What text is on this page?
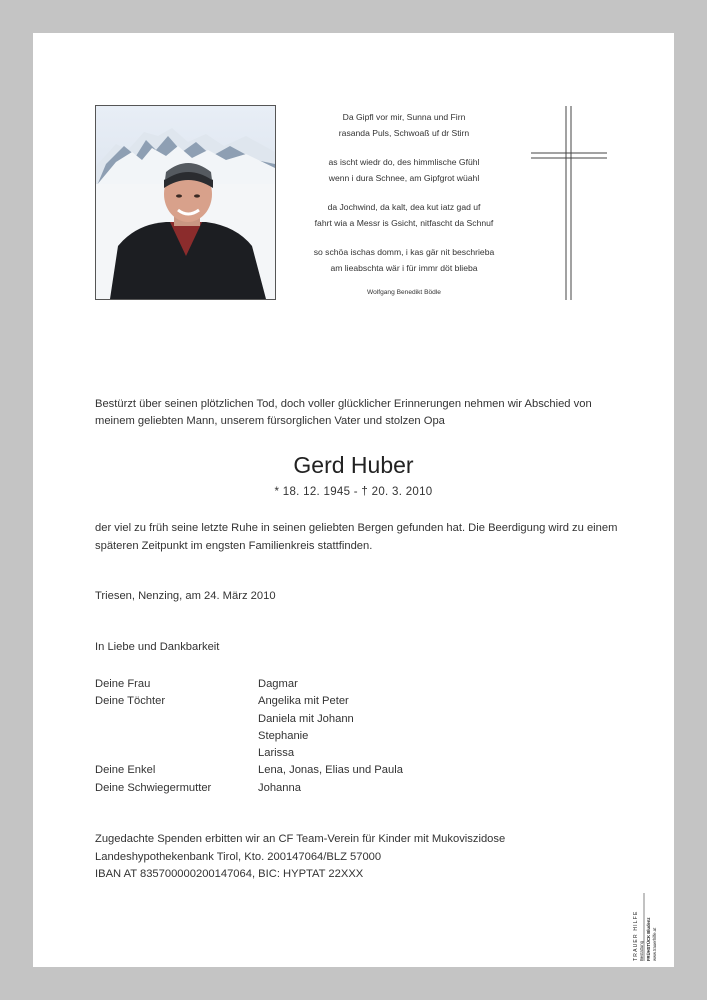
Da Gipfl vor mir, Sunna und Firn
rasanda Puls, Schwoaß uf dr Stirn
as ischt wiedr do, des himmlische Gfühl
wenn i dura Schnee, am Gipfgrot wüahl
da Jochwind, da kalt, dea kut iatz gad uf
fahrt wia a Messr is Gsicht, nitfascht da Schnuf
so schöa ischas domm, i kas gär nit beschrieba
am lieabschta wär i für immr döt blieba
Wolfgang Benedikt Bödle
Bestürzt über seinen plötzlichen Tod, doch voller glücklicher Erinnerungen nehmen wir Abschied von meinem geliebten Mann, unserem fürsorglichen Vater und stolzen Opa
Gerd Huber
* 18. 12. 1945 - † 20. 3. 2010
der viel zu früh seine letzte Ruhe in seinen geliebten Bergen gefunden hat. Die Beerdigung wird zu einem späteren Zeitpunkt im engsten Familienkreis stattfinden.
Triesen, Nenzing, am 24. März 2010
In Liebe und Dankbarkeit
Deine Frau	Dagmar
Deine Töchter	Angelika mit Peter
Daniela mit Johann
Stephanie
Larissa
Deine Enkel	Lena, Jonas, Elias und Paula
Deine Schwiegermutter	Johanna
Zugedachte Spenden erbitten wir an CF Team-Verein für Kinder mit Mukoviszidose
Landeshypothekenbank Tirol, Kto. 200147064/BLZ 57000
IBAN AT 835700000200147064, BIC: HYPTAT 22XXX
TRAUER HILFE Bestattung FRÜHSTÜCK Bludenz www.trauerhilfe.at
